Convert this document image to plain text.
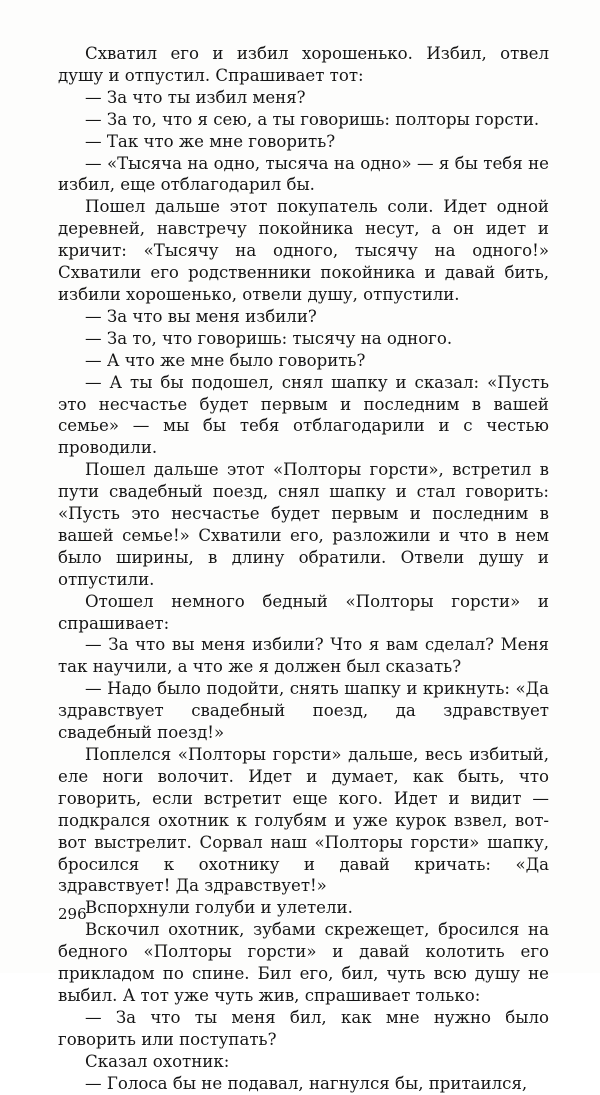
Схватил его и избил хорошенько. Избил, отвел душу и отпустил. Спрашивает тот:

— За что ты избил меня?

— За то, что я сею, а ты говоришь: полторы горсти.

— Так что же мне говорить?

— «Тысяча на одно, тысяча на одно» — я бы тебя не избил, еще отблагодарил бы.

Пошел дальше этот покупатель соли. Идет одной деревней, навстречу покойника несут, а он идет и кричит: «Тысячу на одного, тысячу на одного!» Схватили его родственники покойника и давай бить, избили хорошенько, отвели душу, отпустили.

— За что вы меня избили?

— За то, что говоришь: тысячу на одного.

— А что же мне было говорить?

— А ты бы подошел, снял шапку и сказал: «Пусть это несчастье будет первым и последним в вашей семье» — мы бы тебя отблагодарили и с честью проводили.

Пошел дальше этот «Полторы горсти», встретил в пути свадебный поезд, снял шапку и стал говорить: «Пусть это несчастье будет первым и последним в вашей семье!» Схватили его, разложили и что в нем было ширины, в длину обратили. Отвели душу и отпустили.

Отошел немного бедный «Полторы горсти» и спрашивает:

— За что вы меня избили? Что я вам сделал? Меня так научили, а что же я должен был сказать?

— Надо было подойти, снять шапку и крикнуть: «Да здравствует свадебный поезд, да здравствует свадебный поезд!»

Поплелся «Полторы горсти» дальше, весь избитый, еле ноги волочит. Идет и думает, как быть, что говорить, если встретит еще кого. Идет и видит — подкрался охотник к голубям и уже курок взвел, вот-вот выстрелит. Сорвал наш «Полторы горсти» шапку, бросился к охотнику и давай кричать: «Да здравствует! Да здравствует!»

Вспорхнули голуби и улетели.

Вскочил охотник, зубами скрежещет, бросился на бедного «Полторы горсти» и давай колотить его прикладом по спине. Бил его, бил, чуть всю душу не выбил. А тот уже чуть жив, спрашивает только:

— За что ты меня бил, как мне нужно было говорить или поступать?

Сказал охотник:

— Голоса бы не подавал, нагнулся бы, притаился,

296
